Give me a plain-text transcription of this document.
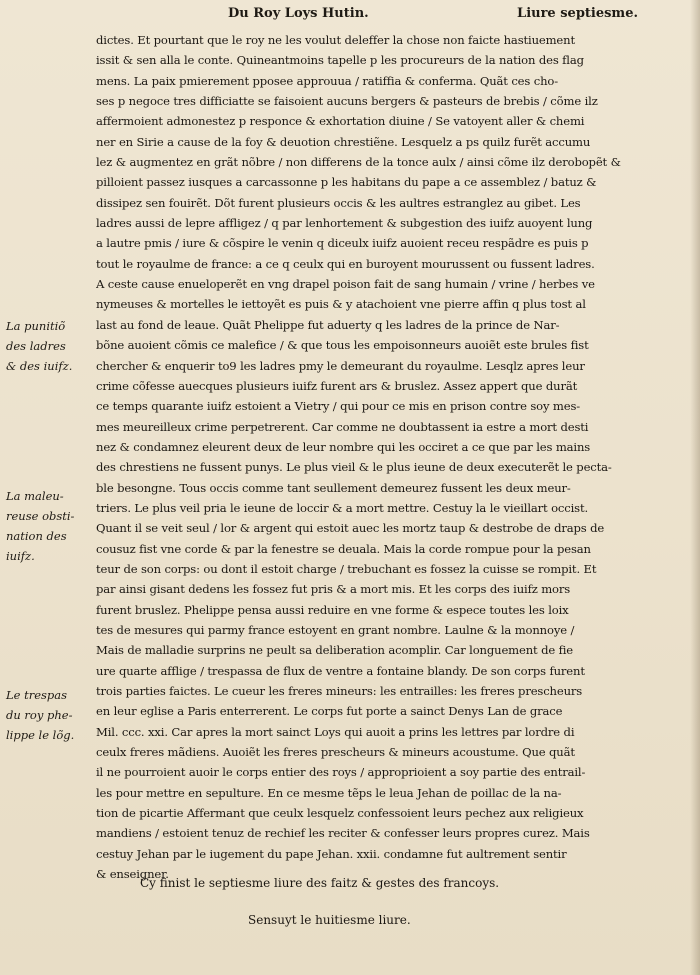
Du Roy Loys Hutin.	Liure septiesme.
La punitiõ
des ladres
& des iuifz.
La maleu-
reuse obsti-
nation des
iuifz.
Le trespas
du roy phe-
lippe le lõg.
dictes. Et pourtant que le roy ne les voulut deleffer la chose non faicte hastiuement
issit & sen alla le conte. Quineantmoins tapelle p les procureurs de la nation des flag
mens. La paix pmierement pposee approuua / ratiffia & conferma. Quãt ces cho-
ses p negoce tres difficiatte se faisoient aucuns bergers & pasteurs de brebis / cõme ilz
affermoient admonestez p responce & exhortation diuine / Se vatoyent aller & chemi
ner en Sirie a cause de la foy & deuotion chrestiẽne. Lesquelz a ps quilz furẽt accumu
lez & augmentez en grãt nõbre / non differens de la tonce aulx / ainsi cõme ilz derobopẽt &
pilloient passez iusques a carcassonne p les habitans du pape a ce assemblez / batuz &
dissipez sen fouirẽt. Dõt furent plusieurs occis & les aultres estranglez au gibet. Les
ladres aussi de lepre affligez / q par lenhortement & subgestion des iuifz auoyent lung
a lautre pmis / iure & cõspire le venin q diceulx iuifz auoient receu respãdre es puis p
tout le royaulme de france: a ce q ceulx qui en buroyent mourussent ou fussent ladres.
A ceste cause enueloperẽt en vng drapel poison fait de sang humain / vrine / herbes ve
nymeuses & mortelles le iettoyẽt es puis & y atachoient vne pierre affin q plus tost al
last au fond de leaue. Quãt Phelippe fut aduerty q les ladres de la prince de Nar-
bõne auoient cõmis ce malefice / & que tous les empoisonneurs auoiẽt este brules fist
chercher & enquerir to9 les ladres pmy le demeurant du royaulme. Lesqlz apres leur
crime cõfesse auecques plusieurs iuifz furent ars & bruslez. Assez appert que durãt
ce temps quarante iuifz estoient a Vietry / qui pour ce mis en prison contre soy mes-
mes meureilleux crime perpetrerent. Car comme ne doubtassent ia estre a mort desti
nez & condamnez eleurent deux de leur nombre qui les occiret a ce que par les mains
des chrestiens ne fussent punys. Le plus vieil & le plus ieune de deux executerẽt le pecta-
ble besongne. Tous occis comme tant seullement demeurez fussent les deux meur-
triers. Le plus veil pria le ieune de loccir & a mort mettre. Cestuy la le vieillart occist.
Quant il se veit seul / lor & argent qui estoit auec les mortz taup & destrobe de draps de
cousuz fist vne corde & par la fenestre se deuala. Mais la corde rompue pour la pesan
teur de son corps: ou dont il estoit charge / trebuchant es fossez la cuisse se rompit. Et
par ainsi gisant dedens les fossez fut pris & a mort mis. Et les corps des iuifz mors
furent bruslez. Phelippe pensa aussi reduire en vne forme & espece toutes les loix
tes de mesures qui parmy france estoyent en grant nombre. Laulne & la monnoye /
Mais de malladie surprins ne peult sa deliberation acomplir. Car longuement de fie
ure quarte afflige / trespassa de flux de ventre a fontaine blandy. De son corps furent
trois parties faictes. Le cueur les freres mineurs: les entrailles: les freres prescheurs
en leur eglise a Paris enterrerent. Le corps fut porte a sainct Denys Lan de grace
Mil. ccc. xxi. Car apres la mort sainct Loys qui auoit a prins les lettres par lordre di
ceulx freres mãdiens. Auoiẽt les freres prescheurs & mineurs acoustume. Que quãt
il ne pourroient auoir le corps entier des roys / approprioient a soy partie des entrail-
les pour mettre en sepulture. En ce mesme tẽps le leua Jehan de poillac de la na-
tion de picartie Affermant que ceulx lesquelz confessoient leurs pechez aux religieux
mandiens / estoient tenuz de rechief les reciter & confesser leurs propres curez. Mais
cestuy Jehan par le iugement du pape Jehan. xxii. condamne fut aultrement sentir
& enseigner.
Cy finist le septiesme liure des faitz & gestes des francoys.
Sensuyt le huitiesme liure.
